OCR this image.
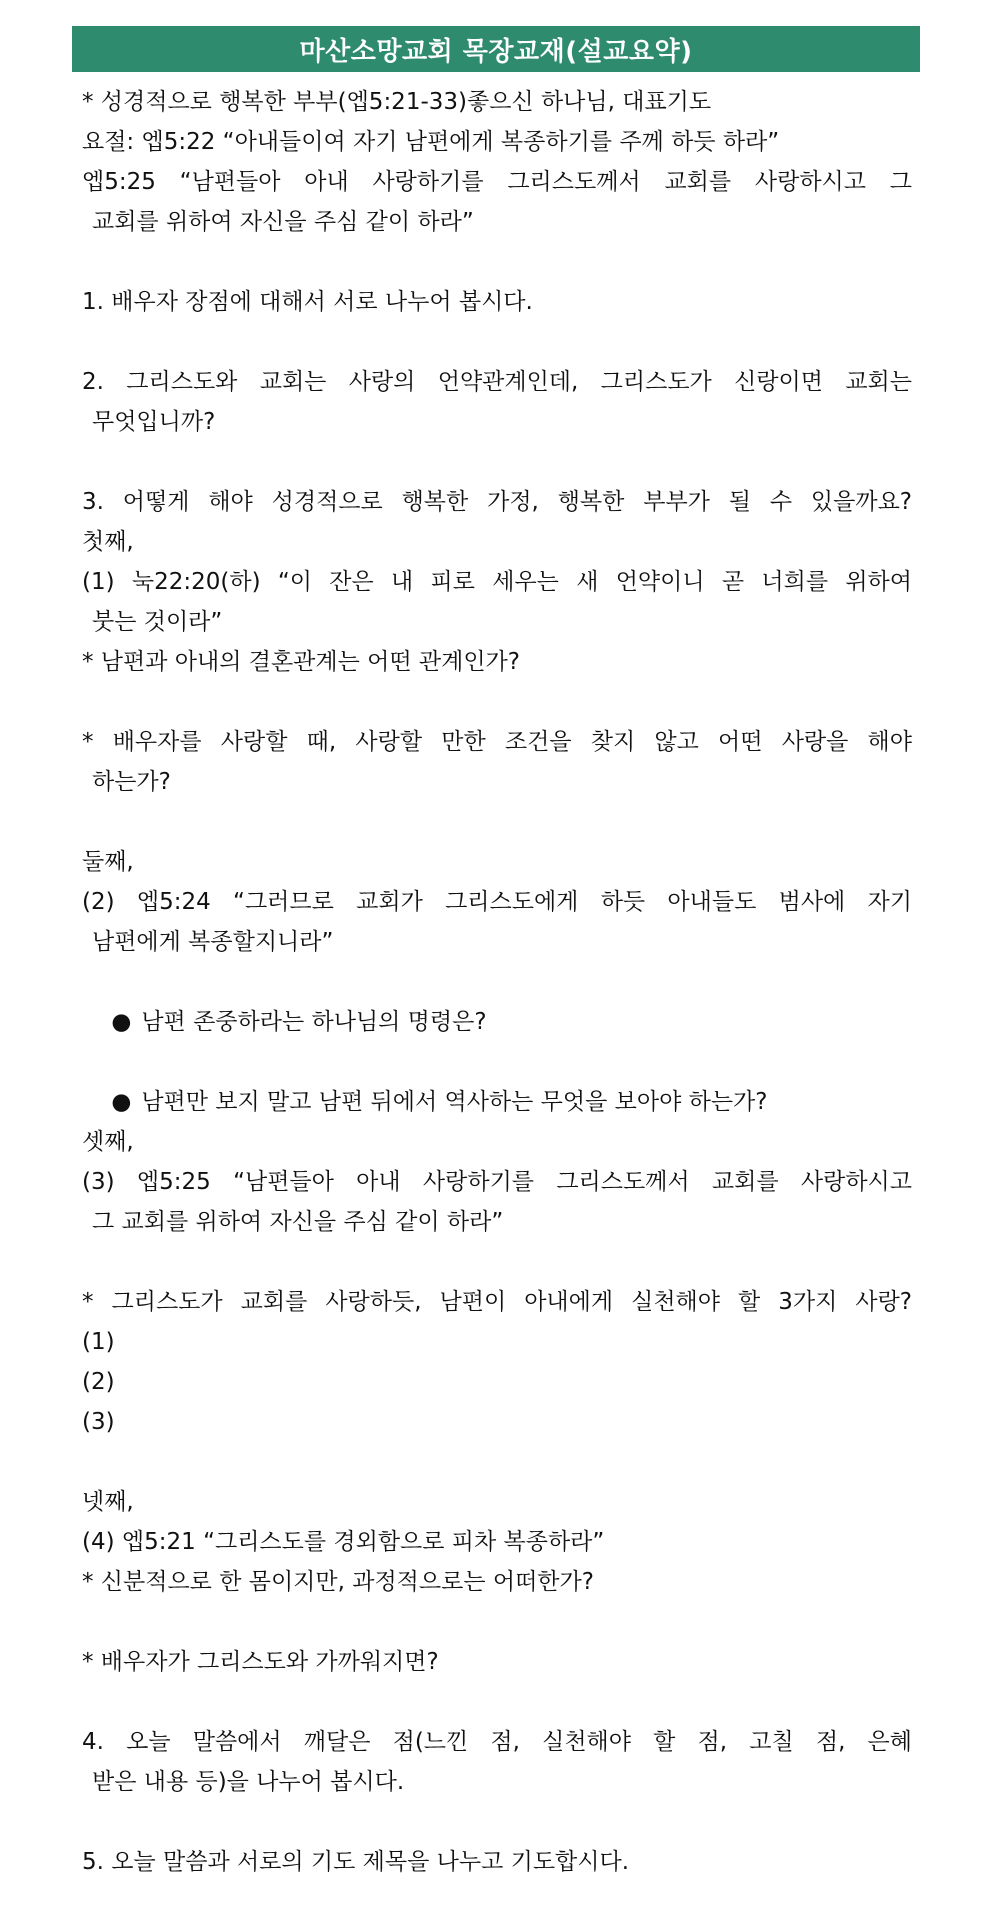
마산소망교회 목장교재(설교요약)
* 성경적으로 행복한 부부(엡5:21-33)좋으신 하나님, 대표기도
요절: 엡5:22 “아내들이여 자기 남편에게 복종하기를 주께 하듯 하라”
엡5:25 “남편들아 아내 사랑하기를 그리스도께서 교회를 사랑하시고 그
교회를 위하여 자신을 주심 같이 하라”
1. 배우자 장점에 대해서 서로 나누어 봅시다.
2. 그리스도와 교회는 사랑의 언약관계인데, 그리스도가 신랑이면 교회는
무엇입니까?
3. 어떻게 해야 성경적으로 행복한 가정, 행복한 부부가 될 수 있을까요?
첫째,
(1) 눅22:20(하) “이 잔은 내 피로 세우는 새 언약이니 곧 너희를 위하여
붓는 것이라”
* 남편과 아내의 결혼관계는 어떤 관계인가?
* 배우자를 사랑할 때, 사랑할 만한 조건을 찾지 않고 어떤 사랑을 해야
하는가?
둘째,
(2) 엡5:24 “그러므로 교회가 그리스도에게 하듯 아내들도 범사에 자기
남편에게 복종할지니라”

● 남편 존중하라는 하나님의 명령은?

● 남편만 보지 말고 남편 뒤에서 역사하는 무엇을 보아야 하는가?

셋째,
(3) 엡5:25 “남편들아 아내 사랑하기를 그리스도께서 교회를 사랑하시고
그 교회를 위하여 자신을 주심 같이 하라”
* 그리스도가 교회를 사랑하듯, 남편이 아내에게 실천해야 할 3가지 사랑?
(1)
(2)
(3)
넷째,
(4) 엡5:21 “그리스도를 경외함으로 피차 복종하라”
* 신분적으로 한 몸이지만, 과정적으로는 어떠한가?
* 배우자가 그리스도와 가까워지면?
4. 오늘 말씀에서 깨달은 점(느낀 점, 실천해야 할 점, 고칠 점, 은혜
받은 내용 등)을 나누어 봅시다.
5. 오늘 말씀과 서로의 기도 제목을 나누고 기도합시다.
